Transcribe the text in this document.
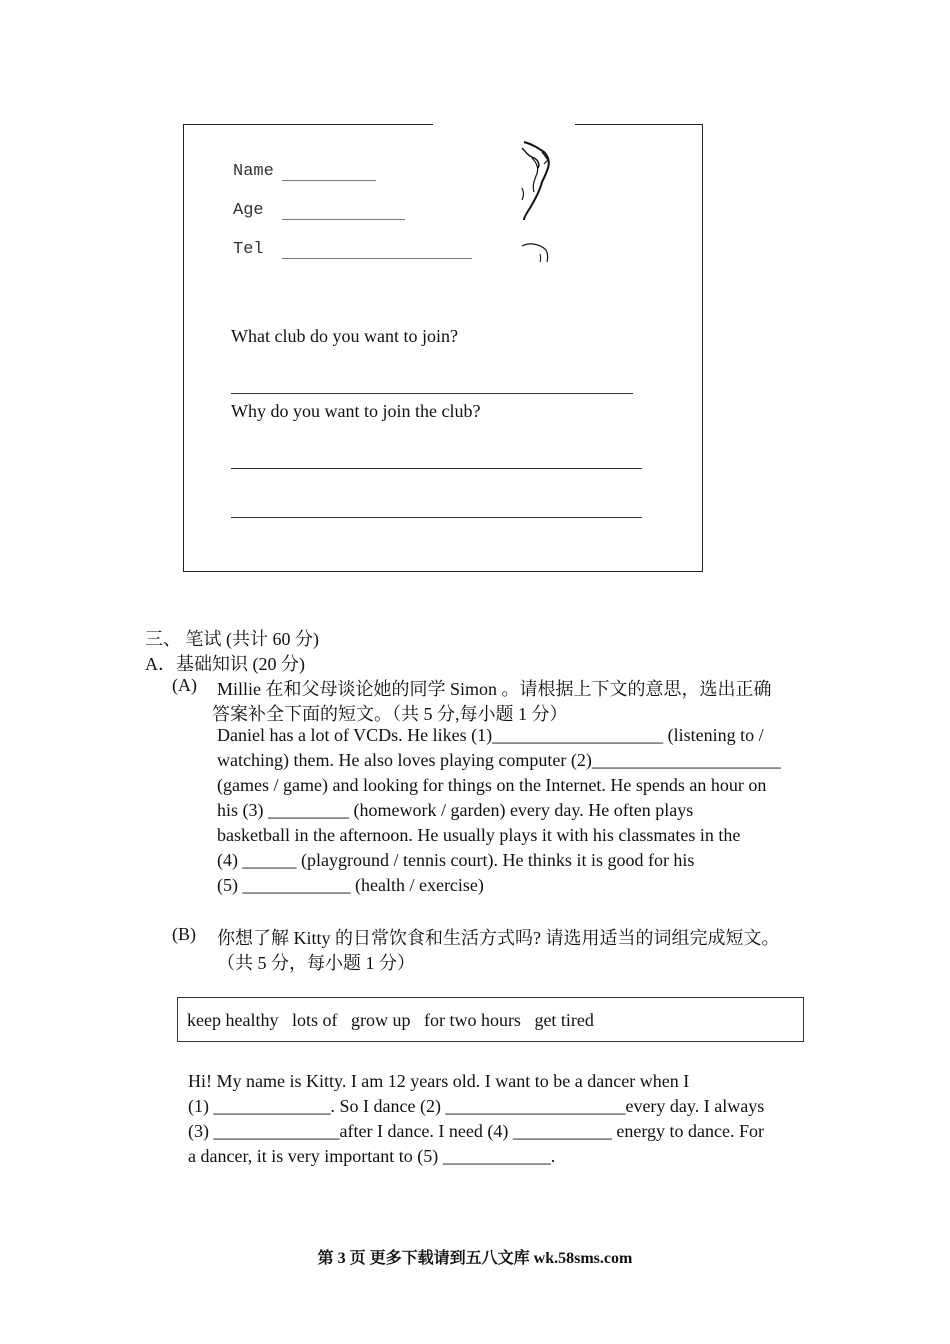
Name
Age
Tel
What club do you want to join?
Why do you want to join the club?
三、 笔试 (共计 60 分)
A．基础知识 (20 分)
(A) Millie 在和父母谈论她的同学 Simon 。请根据上下文的意思，选出正确
答案补全下面的短文。（共 5 分,每小题 1 分）
Daniel has a lot of VCDs. He likes (1)___________________ (listening to /
watching) them. He also loves playing computer (2)_____________________
(games / game) and looking for things on the Internet. He spends an hour on
his (3) _________ (homework / garden) every day. He often plays
basketball in the afternoon. He usually plays it with his classmates in the
(4) ______ (playground / tennis court). He thinks it is good for his
(5) ____________ (health / exercise)
(B) 你想了解 Kitty 的日常饮食和生活方式吗? 请选用适当的词组完成短文。
（共 5 分，每小题 1 分）
keep healthy   lots of   grow up   for two hours   get tired
Hi! My name is Kitty. I am 12 years old. I want to be a dancer when I
(1) _____________. So I dance (2) ____________________every day. I always
(3) ______________after I dance. I need (4) ___________ energy to dance. For
a dancer, it is very important to (5) ____________.
第 3 页 更多下载请到五八文库 wk.58sms.com
